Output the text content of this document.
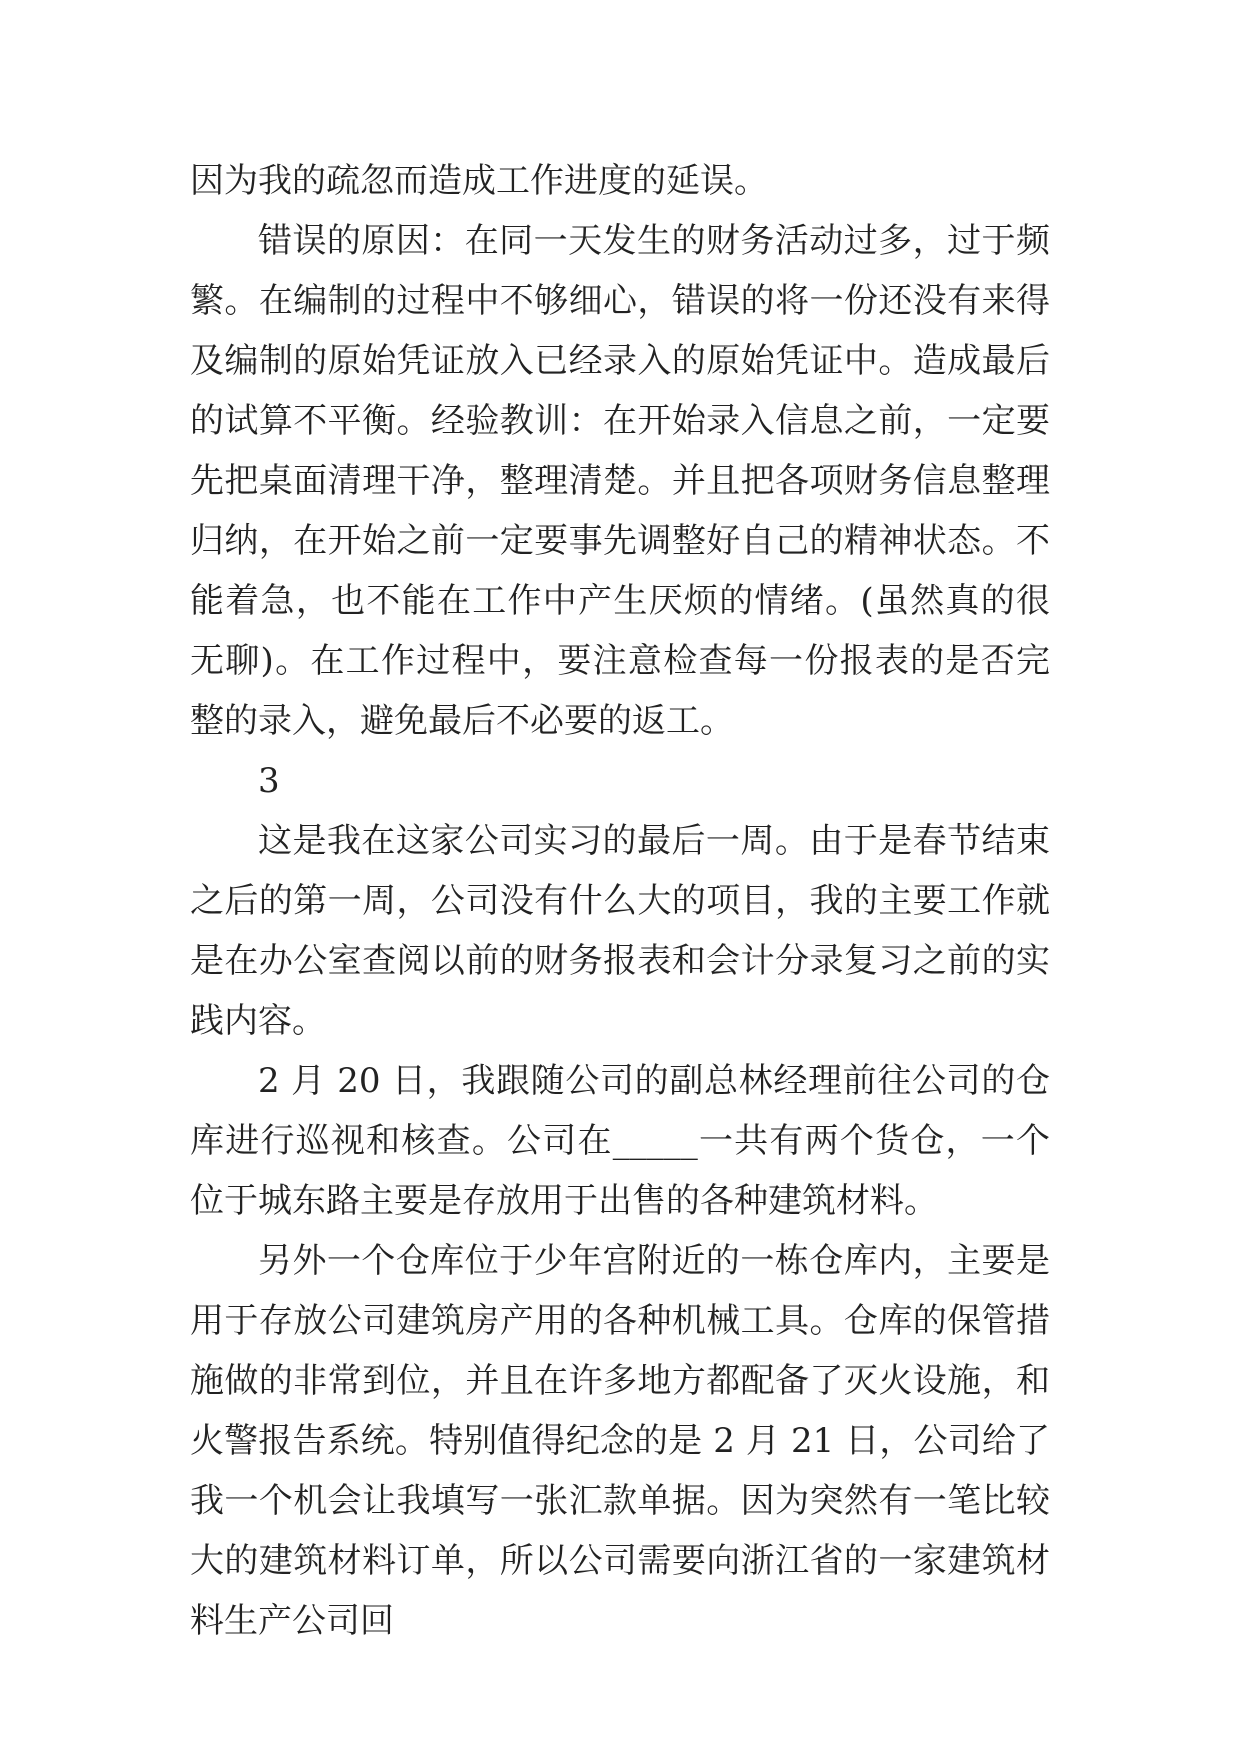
因为我的疏忽而造成工作进度的延误。

错误的原因：在同一天发生的财务活动过多，过于频繁。在编制的过程中不够细心，错误的将一份还没有来得及编制的原始凭证放入已经录入的原始凭证中。造成最后的试算不平衡。经验教训：在开始录入信息之前，一定要先把桌面清理干净，整理清楚。并且把各项财务信息整理归纳，在开始之前一定要事先调整好自己的精神状态。不能着急，也不能在工作中产生厌烦的情绪。(虽然真的很无聊)。在工作过程中，要注意检查每一份报表的是否完整的录入，避免最后不必要的返工。

3

这是我在这家公司实习的最后一周。由于是春节结束之后的第一周，公司没有什么大的项目，我的主要工作就是在办公室查阅以前的财务报表和会计分录复习之前的实践内容。

2 月 20 日，我跟随公司的副总林经理前往公司的仓库进行巡视和核查。公司在_____一共有两个货仓，一个位于城东路主要是存放用于出售的各种建筑材料。

另外一个仓库位于少年宫附近的一栋仓库内，主要是用于存放公司建筑房产用的各种机械工具。仓库的保管措施做的非常到位，并且在许多地方都配备了灭火设施，和火警报告系统。特别值得纪念的是 2 月 21 日，公司给了我一个机会让我填写一张汇款单据。因为突然有一笔比较大的建筑材料订单，所以公司需要向浙江省的一家建筑材料生产公司回
